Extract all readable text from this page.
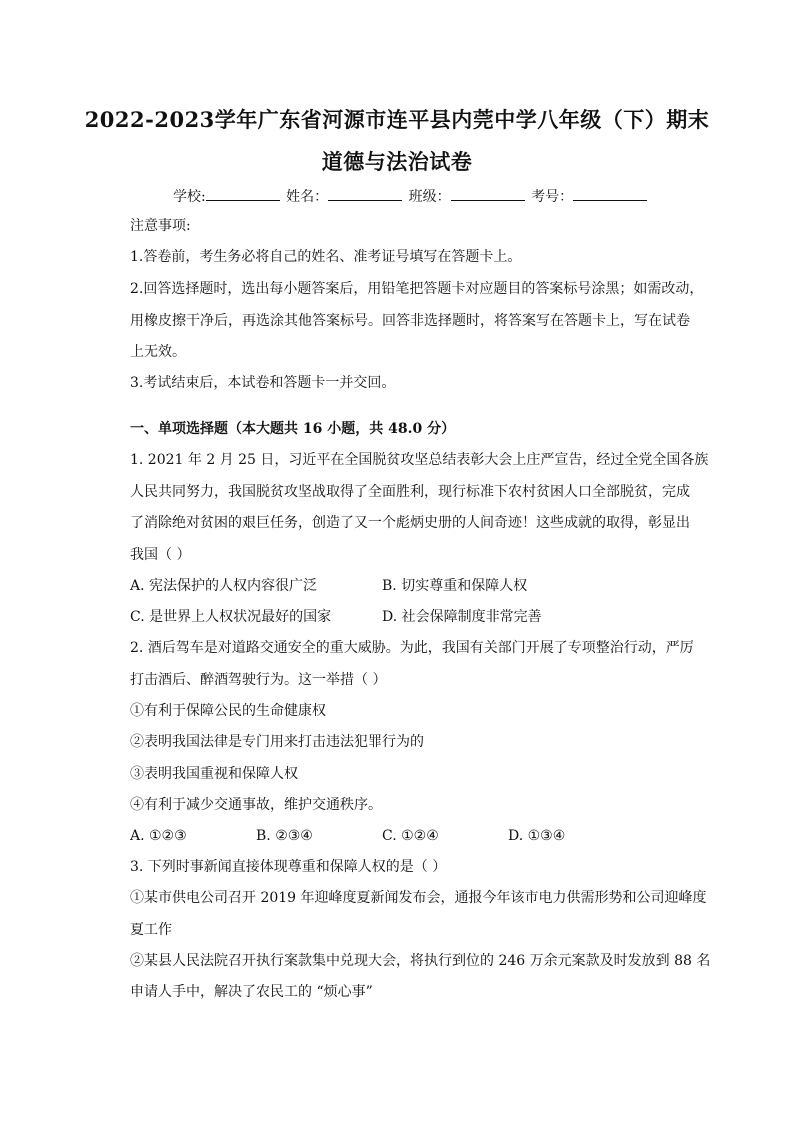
2022-2023学年广东省河源市连平县内莞中学八年级（下）期末
道德与法治试卷
学校:	姓名：	班级：	考号：
注意事项:
1.答卷前，考生务必将自己的姓名、准考证号填写在答题卡上。
2.回答选择题时，选出每小题答案后，用铅笔把答题卡对应题目的答案标号涂黑；如需改动，
用橡皮擦干净后，再选涂其他答案标号。回答非选择题时，将答案写在答题卡上，写在试卷
上无效。
3.考试结束后，本试卷和答题卡一并交回。
一、单项选择题（本大题共 16 小题，共 48.0 分）
1. 2021 年 2 月 25 日，习近平在全国脱贫攻坚总结表彰大会上庄严宣告，经过全党全国各族
人民共同努力，我国脱贫攻坚战取得了全面胜利，现行标准下农村贫困人口全部脱贫，完成
了消除绝对贫困的艰巨任务，创造了又一个彪炳史册的人间奇迹！这些成就的取得，彰显出
我国（ ）
A. 宪法保护的人权内容很广泛	B. 切实尊重和保障人权
C. 是世界上人权状况最好的国家	D. 社会保障制度非常完善
2. 酒后驾车是对道路交通安全的重大威胁。为此，我国有关部门开展了专项整治行动，严厉
打击酒后、醉酒驾驶行为。这一举措（ ）
①有利于保障公民的生命健康权
②表明我国法律是专门用来打击违法犯罪行为的
③表明我国重视和保障人权
④有利于减少交通事故，维护交通秩序。
A. ①②③	B. ②③④	C. ①②④	D. ①③④
3. 下列时事新闻直接体现尊重和保障人权的是（ ）
①某市供电公司召开 2019 年迎峰度夏新闻发布会，通报今年该市电力供需形势和公司迎峰度
夏工作
②某县人民法院召开执行案款集中兑现大会，将执行到位的 246 万余元案款及时发放到 88 名
申请人手中，解决了农民工的 “烦心事”
